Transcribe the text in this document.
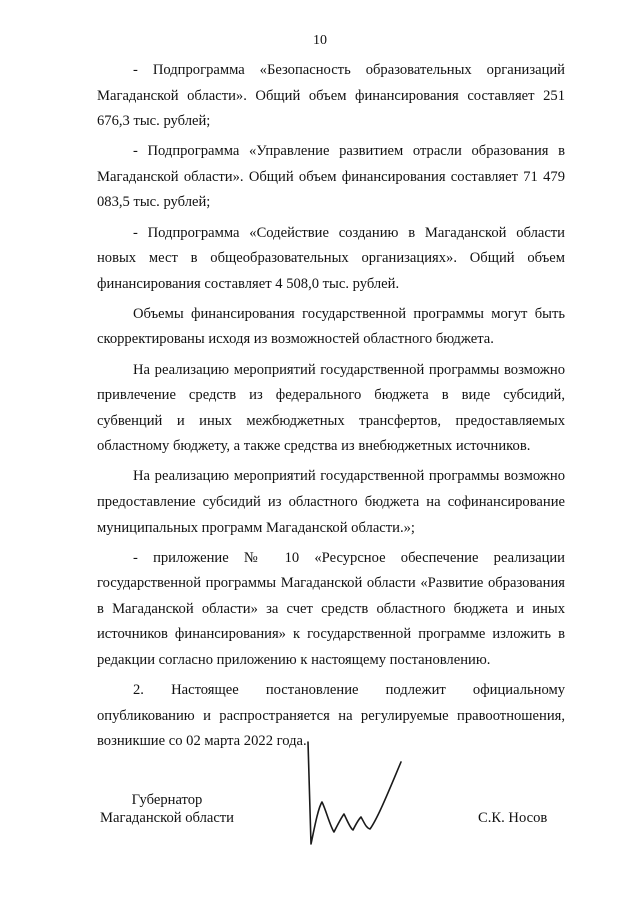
10

- Подпрограмма «Безопасность образовательных организаций Магаданской области». Общий объем финансирования составляет 251 676,3 тыс. рублей;

- Подпрограмма «Управление развитием отрасли образования в Магаданской области». Общий объем финансирования составляет 71 479 083,5 тыс. рублей;

- Подпрограмма «Содействие созданию в Магаданской области новых мест в общеобразовательных организациях». Общий объем финансирования составляет 4 508,0 тыс. рублей.

Объемы финансирования государственной программы могут быть скорректированы исходя из возможностей областного бюджета.

На реализацию мероприятий государственной программы возможно привлечение средств из федерального бюджета в виде субсидий, субвенций и иных межбюджетных трансфертов, предоставляемых областному бюджету, а также средства из внебюджетных источников.

На реализацию мероприятий государственной программы возможно предоставление субсидий из областного бюджета на софинансирование муниципальных программ Магаданской области.»;

- приложение № 10 «Ресурсное обеспечение реализации государственной программы Магаданской области «Развитие образования в Магаданской области» за счет средств областного бюджета и иных источников финансирования» к государственной программе изложить в редакции согласно приложению к настоящему постановлению.

2. Настоящее постановление подлежит официальному опубликованию и распространяется на регулируемые правоотношения, возникшие со 02 марта 2022 года.

Губернатор
Магаданской области	С.К. Носов
